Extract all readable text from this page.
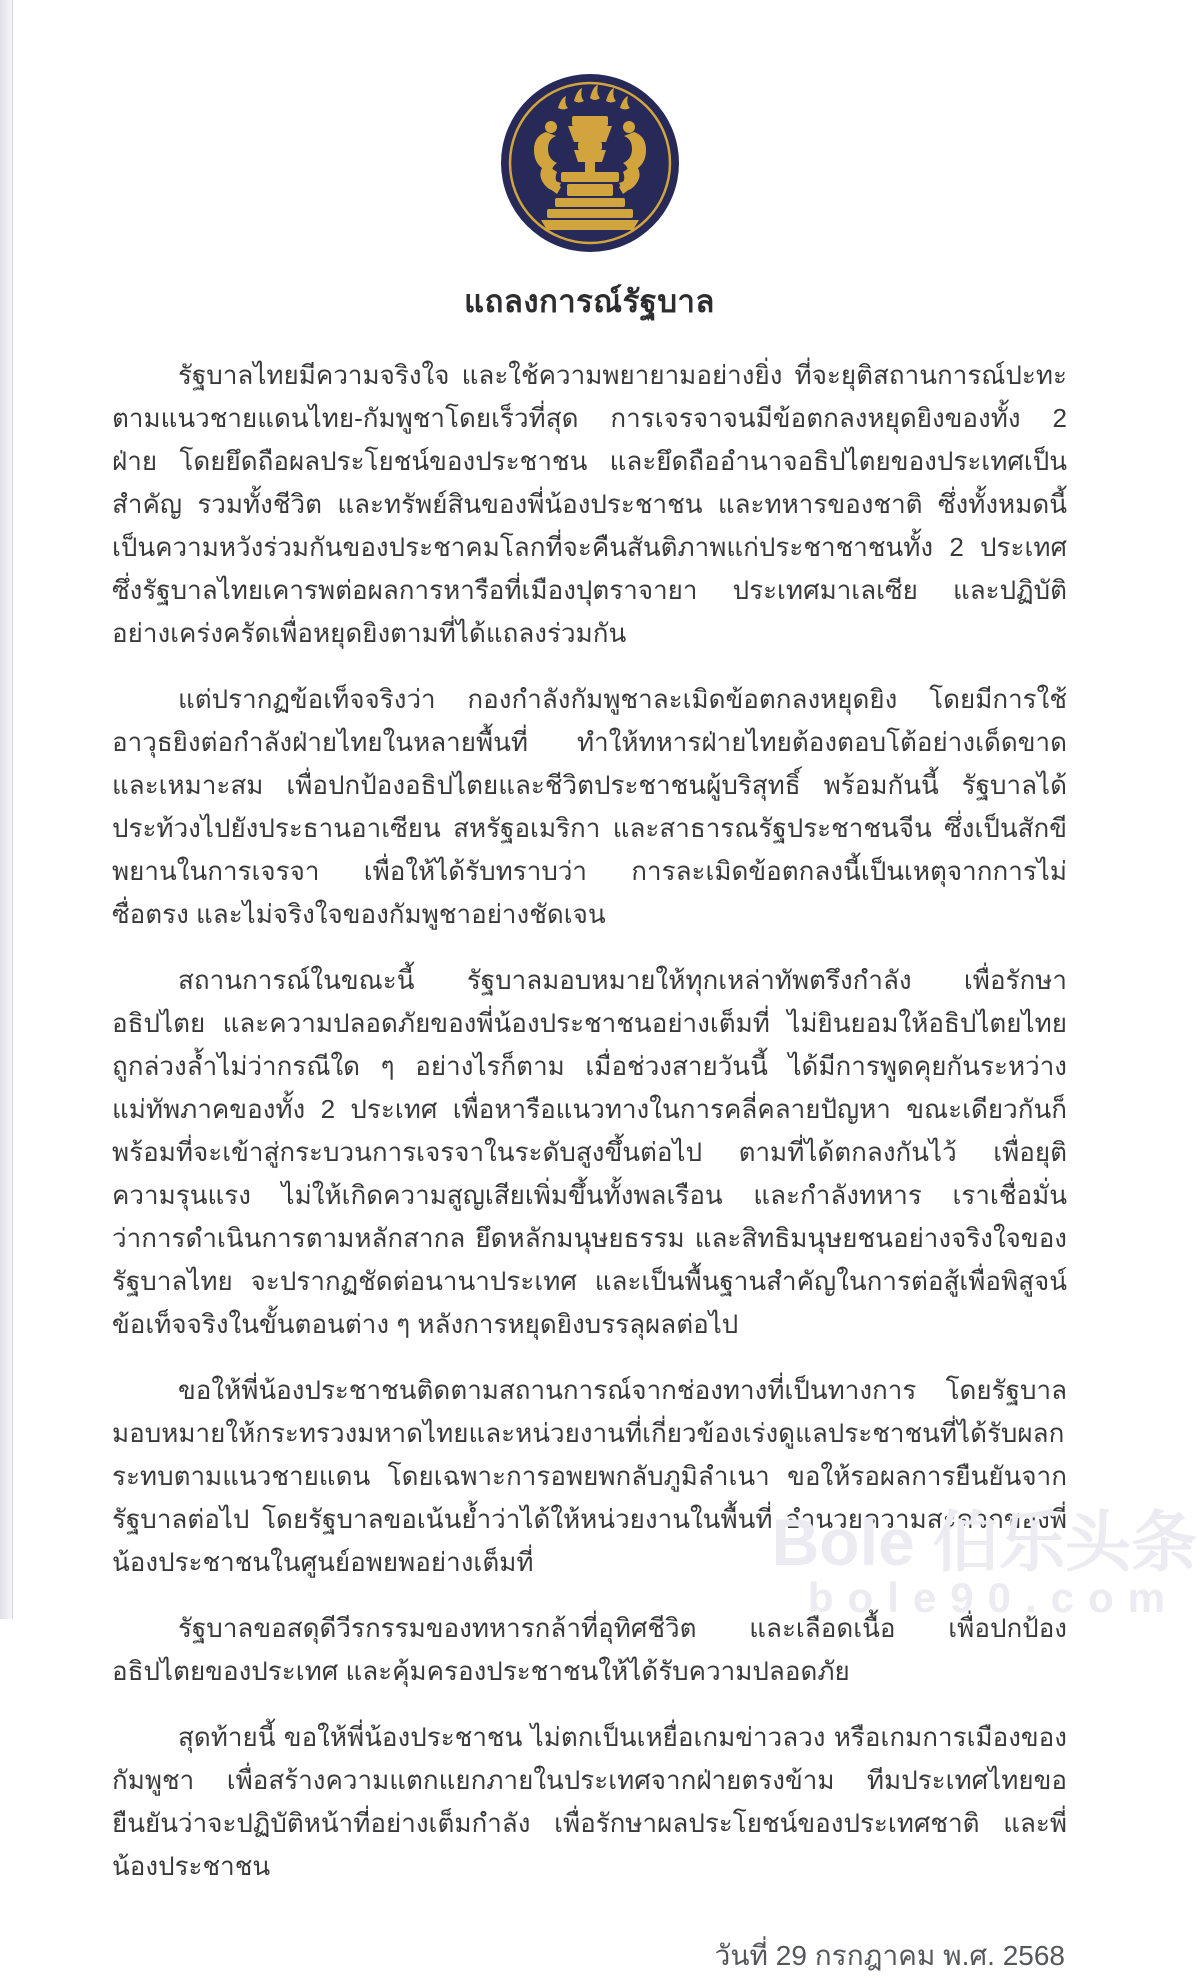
แถลงการณ์รัฐบาล

รัฐบาลไทยมีความจริงใจ และใช้ความพยายามอย่างยิ่ง ที่จะยุติสถานการณ์ปะทะตามแนวชายแดนไทย-กัมพูชาโดยเร็วที่สุด การเจรจาจนมีข้อตกลงหยุดยิงของทั้ง 2 ฝ่าย โดยยึดถือผลประโยชน์ของประชาชน และยึดถืออำนาจอธิปไตยของประเทศเป็นสำคัญ รวมทั้งชีวิต และทรัพย์สินของพี่น้องประชาชน และทหารของชาติ ซึ่งทั้งหมดนี้เป็นความหวังร่วมกันของประชาคมโลกที่จะคืนสันติภาพแก่ประชาชาชนทั้ง 2 ประเทศ ซึ่งรัฐบาลไทยเคารพต่อผลการหารือที่เมืองปุตราจายา ประเทศมาเลเซีย และปฏิบัติอย่างเคร่งครัดเพื่อหยุดยิงตามที่ได้แถลงร่วมกัน

แต่ปรากฏข้อเท็จจริงว่า กองกำลังกัมพูชาละเมิดข้อตกลงหยุดยิง โดยมีการใช้อาวุธยิงต่อกำลังฝ่ายไทยในหลายพื้นที่ ทำให้ทหารฝ่ายไทยต้องตอบโต้อย่างเด็ดขาด และเหมาะสม เพื่อปกป้องอธิปไตยและชีวิตประชาชนผู้บริสุทธิ์ พร้อมกันนี้ รัฐบาลได้ประท้วงไปยังประธานอาเซียน สหรัฐอเมริกา และสาธารณรัฐประชาชนจีน ซึ่งเป็นสักขีพยานในการเจรจา เพื่อให้ได้รับทราบว่า การละเมิดข้อตกลงนี้เป็นเหตุจากการไม่ซื่อตรง และไม่จริงใจของกัมพูชาอย่างชัดเจน

สถานการณ์ในขณะนี้ รัฐบาลมอบหมายให้ทุกเหล่าทัพตรึงกำลัง เพื่อรักษาอธิปไตย และความปลอดภัยของพี่น้องประชาชนอย่างเต็มที่ ไม่ยินยอมให้อธิปไตยไทยถูกล่วงล้ำไม่ว่ากรณีใด ๆ อย่างไรก็ตาม เมื่อช่วงสายวันนี้ ได้มีการพูดคุยกันระหว่างแม่ทัพภาคของทั้ง 2 ประเทศ เพื่อหารือแนวทางในการคลี่คลายปัญหา ขณะเดียวกันก็พร้อมที่จะเข้าสู่กระบวนการเจรจาในระดับสูงขึ้นต่อไป ตามที่ได้ตกลงกันไว้ เพื่อยุติความรุนแรง ไม่ให้เกิดความสูญเสียเพิ่มขึ้นทั้งพลเรือน และกำลังทหาร เราเชื่อมั่นว่าการดำเนินการตามหลักสากล ยึดหลักมนุษยธรรม และสิทธิมนุษยชนอย่างจริงใจของรัฐบาลไทย จะปรากฏชัดต่อนานาประเทศ และเป็นพื้นฐานสำคัญในการต่อสู้เพื่อพิสูจน์ข้อเท็จจริงในขั้นตอนต่าง ๆ หลังการหยุดยิงบรรลุผลต่อไป

ขอให้พี่น้องประชาชนติดตามสถานการณ์จากช่องทางที่เป็นทางการ โดยรัฐบาลมอบหมายให้กระทรวงมหาดไทยและหน่วยงานที่เกี่ยวข้องเร่งดูแลประชาชนที่ได้รับผลกระทบตามแนวชายแดน โดยเฉพาะการอพยพกลับภูมิลำเนา ขอให้รอผลการยืนยันจากรัฐบาลต่อไป โดยรัฐบาลขอเน้นย้ำว่าได้ให้หน่วยงานในพื้นที่ อำนวยความสะดวกของพี่น้องประชาชนในศูนย์อพยพอย่างเต็มที่

รัฐบาลขอสดุดีวีรกรรมของทหารกล้าที่อุทิศชีวิต และเลือดเนื้อ เพื่อปกป้องอธิปไตยของประเทศ และคุ้มครองประชาชนให้ได้รับความปลอดภัย

สุดท้ายนี้ ขอให้พี่น้องประชาชน ไม่ตกเป็นเหยื่อเกมข่าวลวง หรือเกมการเมืองของกัมพูชา เพื่อสร้างความแตกแยกภายในประเทศจากฝ่ายตรงข้าม ทีมประเทศไทยขอยืนยันว่าจะปฏิบัติหน้าที่อย่างเต็มกำลัง เพื่อรักษาผลประโยชน์ของประเทศชาติ และพี่น้องประชาชน

วันที่ 29 กรกฎาคม พ.ศ. 2568
Bole 伯乐头条
bole90.com
